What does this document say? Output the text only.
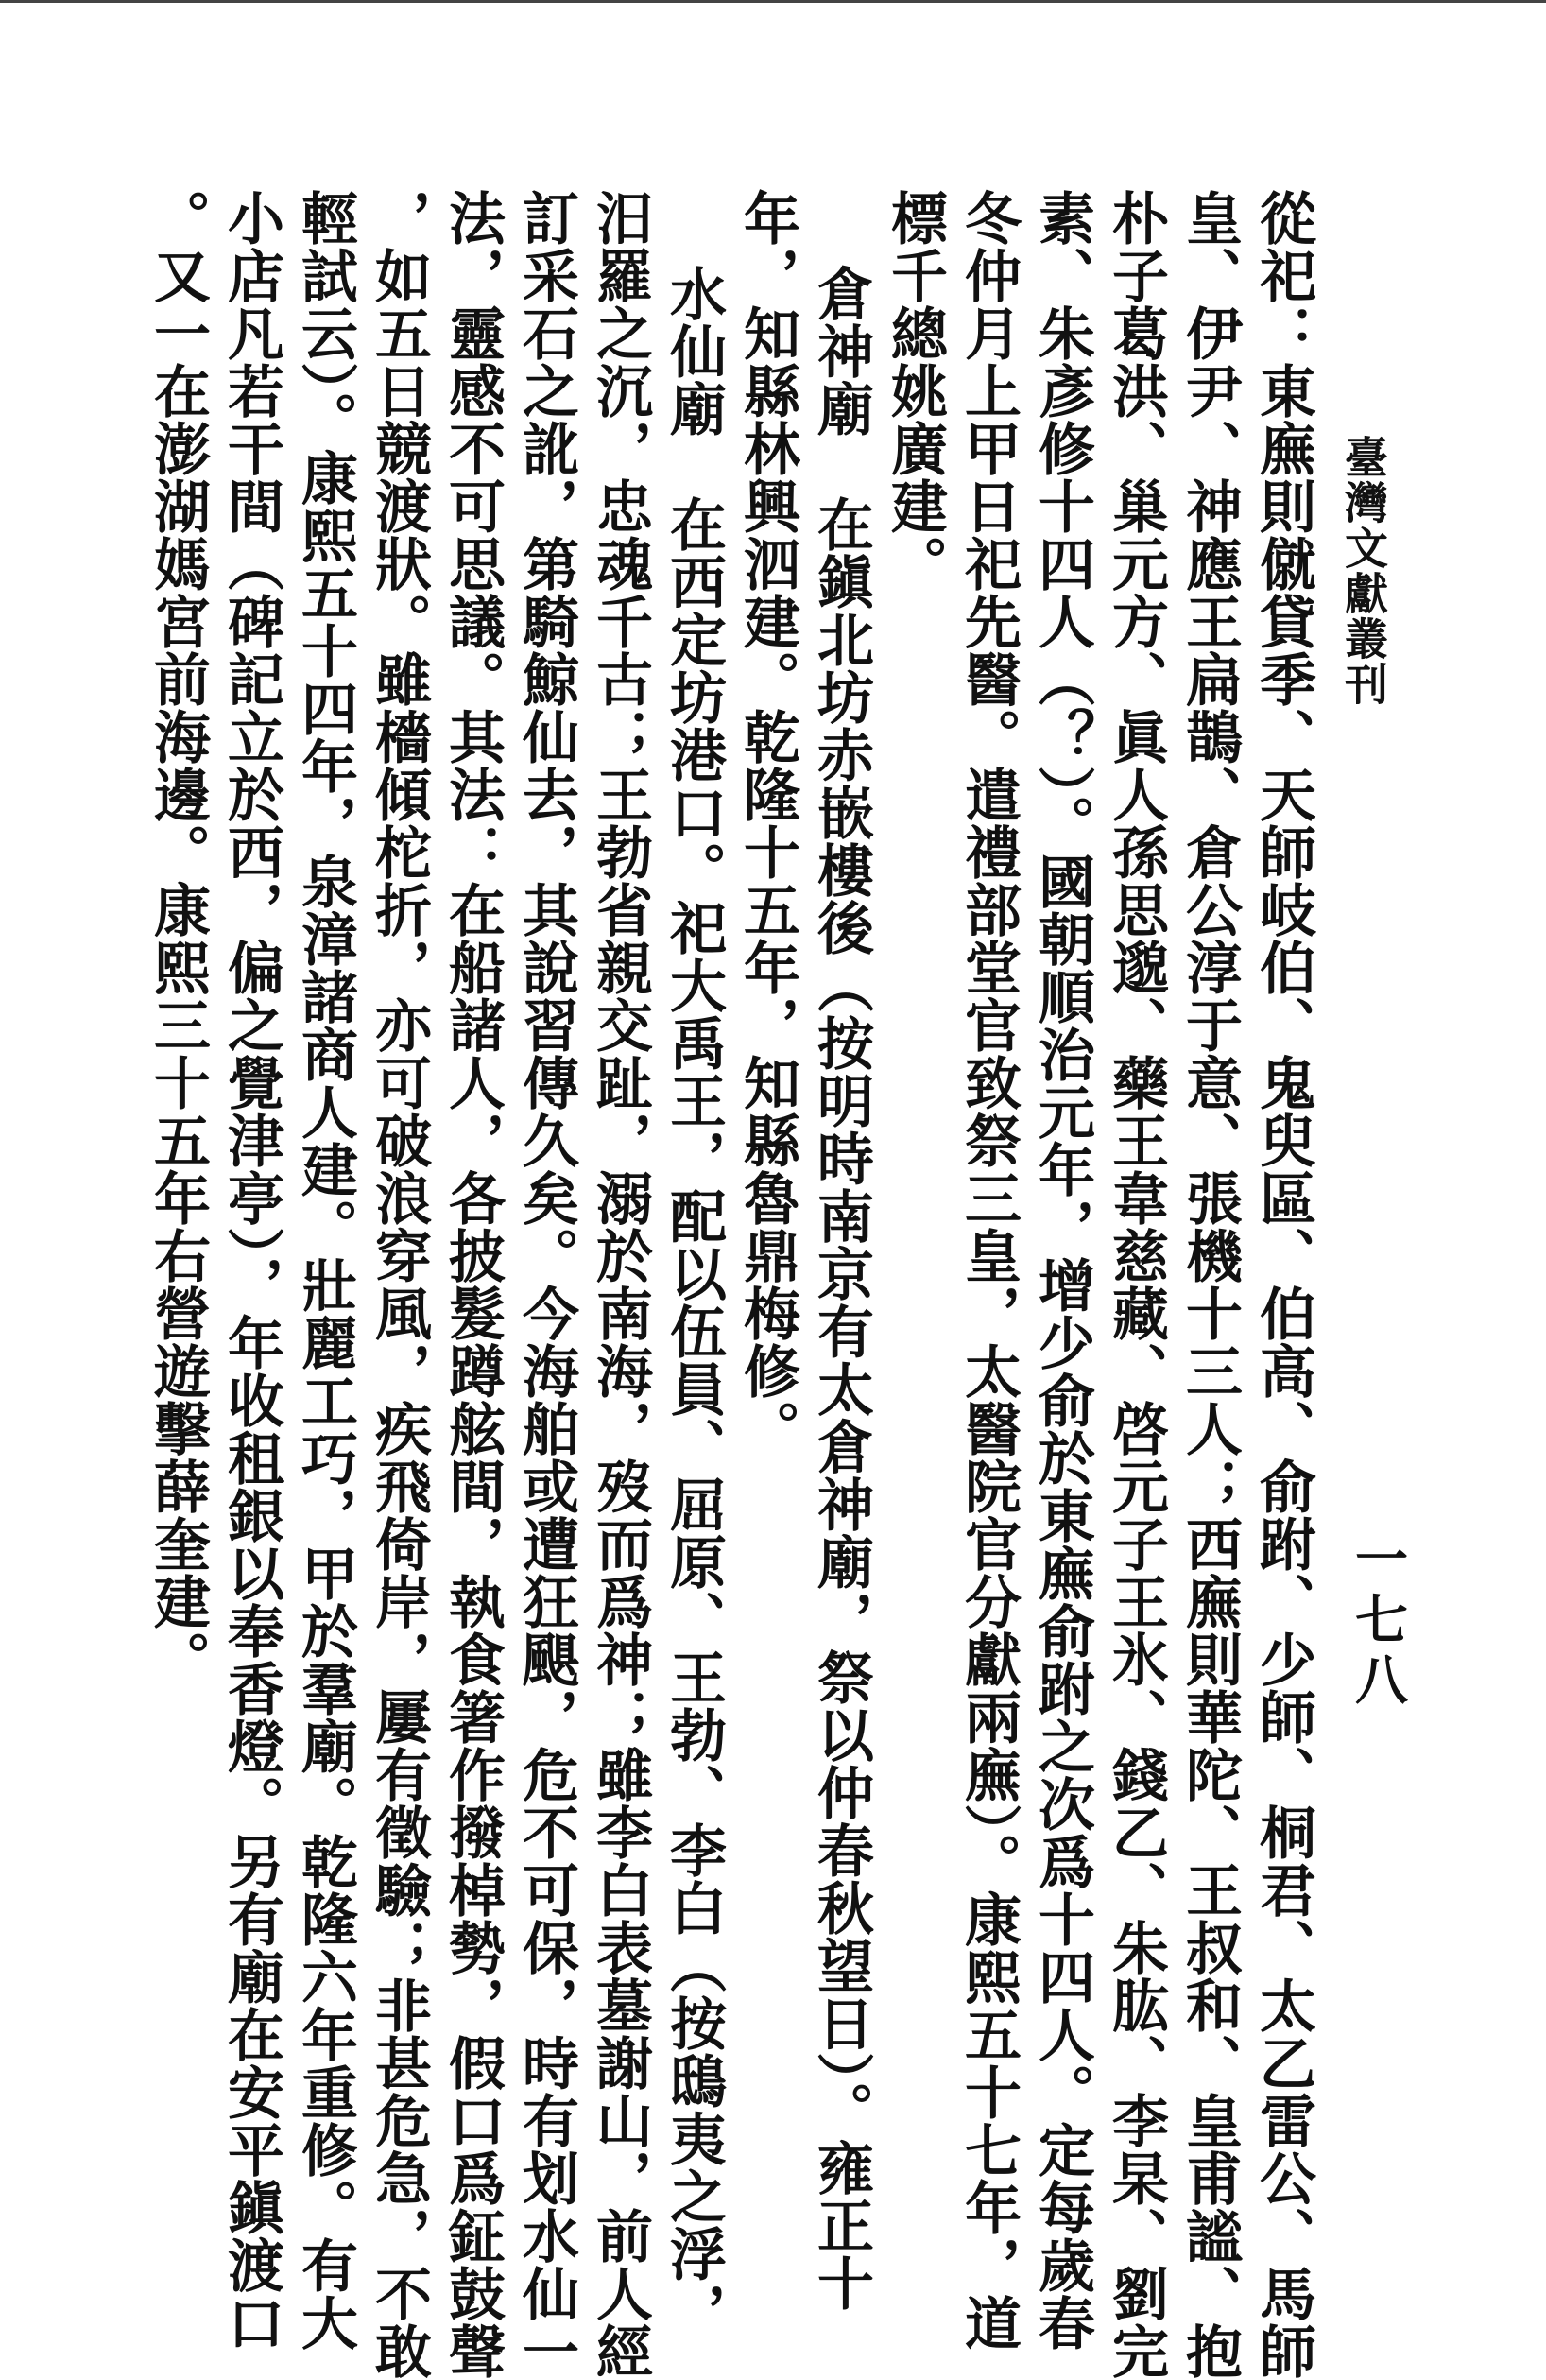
臺灣文獻叢刊
一七八
從祀：東廡則僦貸季、天師岐伯、鬼臾區、伯高、俞跗、少師、桐君、太乙雷公、馬師
皇、伊尹、神應王扁鵲、倉公淳于意、張機十三人；西廡則華陀、王叔和、皇甫謐、抱
朴子葛洪、巢元方、眞人孫思邈、藥王韋慈藏、啓元子王氷、錢乙、朱肱、李杲、劉完
素、朱彥修十四人（？）。國朝順治元年，增少俞於東廡俞跗之次爲十四人。定每歲春
冬仲月上甲日祀先醫。遣禮部堂官致祭三皇，太醫院官分獻兩廡）。康熙五十七年，道
標千總姚廣建。
倉神廟　在鎭北坊赤嵌樓後（按明時南京有太倉神廟，祭以仲春秋望日）。雍正十
年，知縣林興泗建。乾隆十五年，知縣魯鼎梅修。
水仙廟　在西定坊港口。祀大禹王，配以伍員、屈原、王勃、李白（按鴟夷之浮，
汨羅之沉，忠魂千古；王勃省親交趾，溺於南海，歿而爲神；雖李白表墓謝山，前人經
訂采石之訛，第騎鯨仙去，其說習傳久矣。今海舶或遭狂颶，危不可保，時有划水仙一
法，靈感不可思議。其法：在船諸人，各披髮蹲舷間，執食箸作撥棹勢，假口爲鉦鼓聲
，如五日競渡狀。雖檣傾柁折，亦可破浪穿風，疾飛倚岸，屢有徵驗；非甚危急，不敢
輕試云）。康熙五十四年，泉漳諸商人建。壯麗工巧，甲於羣廟。乾隆六年重修。有大
小店凡若干間（碑記立於西，偏之覺津亭），年收租銀以奉香燈。另有廟在安平鎭渡口
。又一在澎湖媽宮前海邊。康熙三十五年右營遊擊薛奎建。
